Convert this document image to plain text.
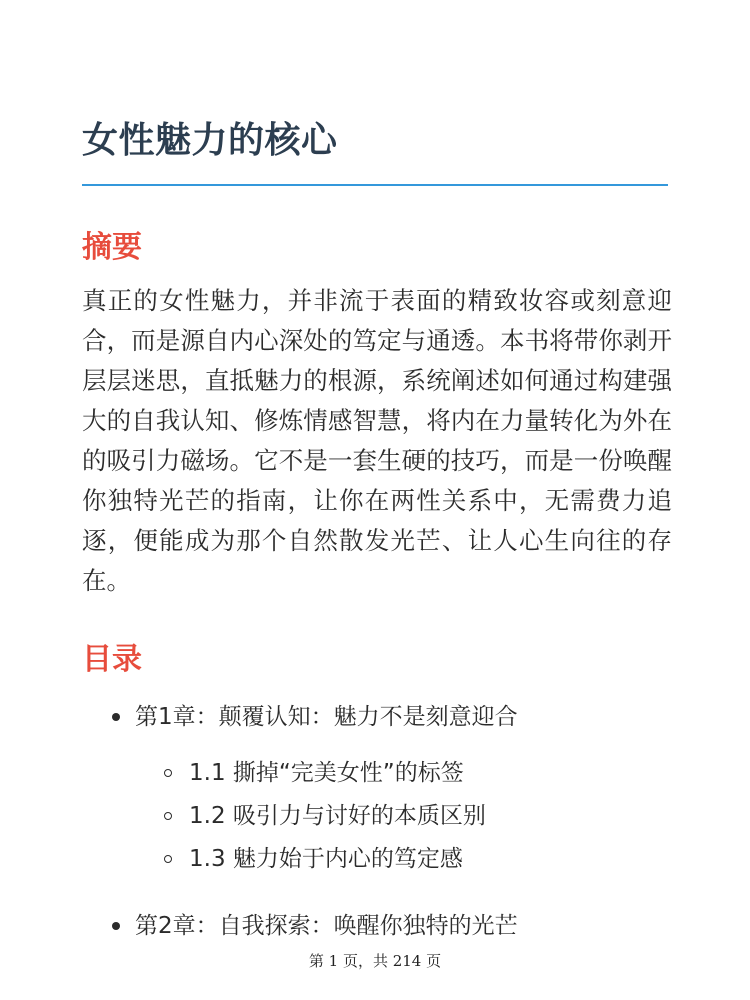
女性魅力的核心
摘要

真正的女性魅力，并非流于表面的精致妆容或刻意迎合，而是源自内心深处的笃定与通透。本书将带你剥开层层迷思，直抵魅力的根源，系统阐述如何通过构建强大的自我认知、修炼情感智慧，将内在力量转化为外在的吸引力磁场。它不是一套生硬的技巧，而是一份唤醒你独特光芒的指南，让你在两性关系中，无需费力追逐，便能成为那个自然散发光芒、让人心生向往的存在。

目录
第1章：颠覆认知：魅力不是刻意迎合
1.1 撕掉“完美女性”的标签
1.2 吸引力与讨好的本质区别
1.3 魅力始于内心的笃定感
第2章：自我探索：唤醒你独特的光芒
第 1 页，共 214 页
